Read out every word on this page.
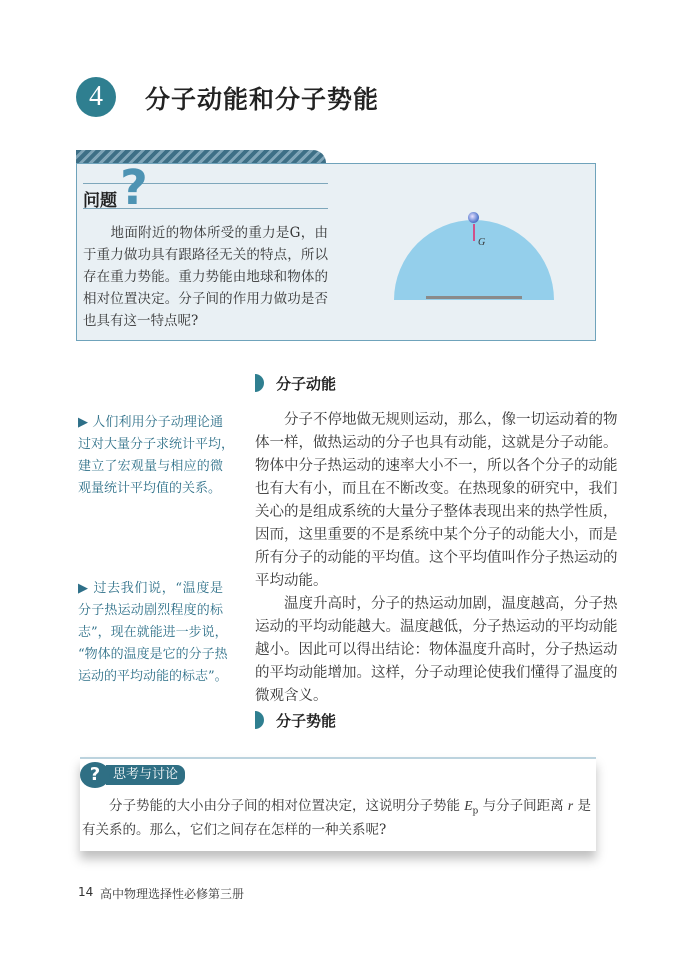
4	分子动能和分子势能
?
问题
　　地面附近的物体所受的重力是G，由
于重力做功具有跟路径无关的特点，所以
存在重力势能。重力势能由地球和物体的
相对位置决定。分子间的作用力做功是否
也具有这一特点呢?
G
分子动能
▶ 人们利用分子动理论通
过对大量分子求统计平均，
建立了宏观量与相应的微
观量统计平均值的关系。
▶ 过去我们说，“温度是
分子热运动剧烈程度的标
志”，现在就能进一步说，
“物体的温度是它的分子热
运动的平均动能的标志”。
　　分子不停地做无规则运动，那么，像一切运动着的物
体一样，做热运动的分子也具有动能，这就是分子动能。
物体中分子热运动的速率大小不一，所以各个分子的动能
也有大有小，而且在不断改变。在热现象的研究中，我们
关心的是组成系统的大量分子整体表现出来的热学性质，
因而，这里重要的不是系统中某个分子的动能大小，而是
所有分子的动能的平均值。这个平均值叫作分子热运动的
平均动能。
　　温度升高时，分子的热运动加剧，温度越高，分子热
运动的平均动能越大。温度越低，分子热运动的平均动能
越小。因此可以得出结论：物体温度升高时，分子热运动
的平均动能增加。这样，分子动理论使我们懂得了温度的
微观含义。
分子势能
思考与讨论
?
　　分子势能的大小由分子间的相对位置决定，这说明分子势能 $E_p$ 与分子间距离 r 是
有关系的。那么，它们之间存在怎样的一种关系呢?
14 高中物理选择性必修第三册
